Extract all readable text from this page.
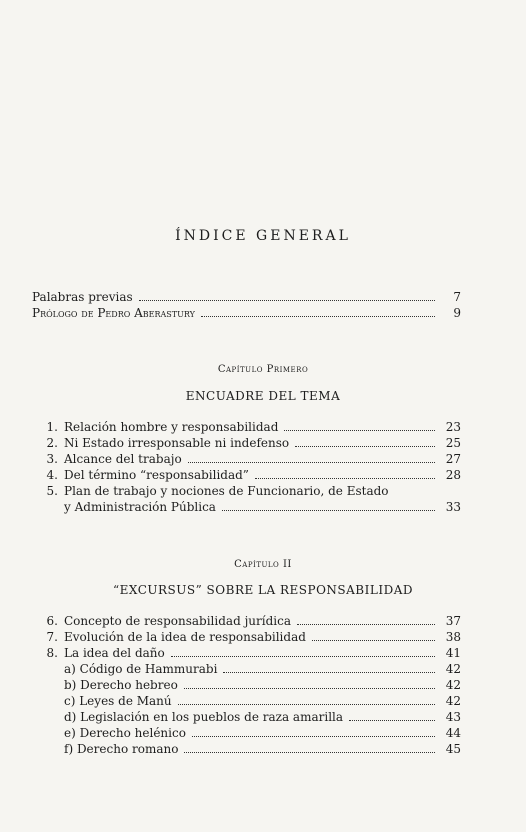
ÍNDICE GENERAL
Palabras previas	7
Prólogo de Pedro Aberastury	9
Capítulo Primero
ENCUADRE DEL TEMA
1. Relación hombre y responsabilidad	23
2. Ni Estado irresponsable ni indefenso	25
3. Alcance del trabajo	27
4. Del término “responsabilidad”	28
5. Plan de trabajo y nociones de Funcionario, de Estado
y Administración Pública	33
Capítulo II
“EXCURSUS” SOBRE LA RESPONSABILIDAD
6. Concepto de responsabilidad jurídica	37
7. Evolución de la idea de responsabilidad	38
8. La idea del daño	41
a) Código de Hammurabi	42
b) Derecho hebreo	42
c) Leyes de Manú	42
d) Legislación en los pueblos de raza amarilla	43
e) Derecho helénico	44
f) Derecho romano	45
